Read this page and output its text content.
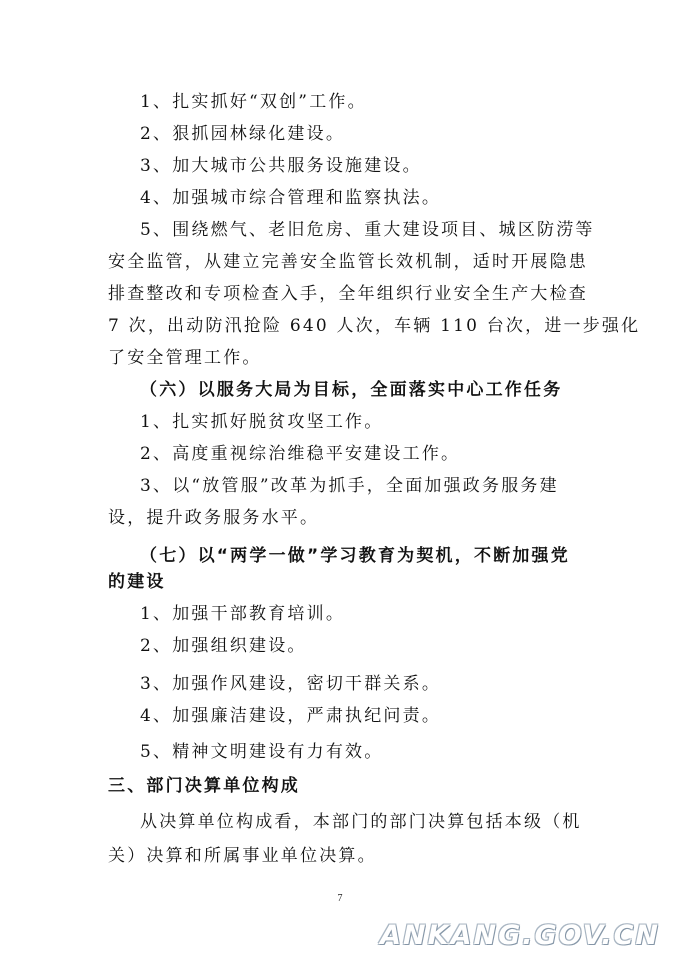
1、扎实抓好“双创”工作。
2、狠抓园林绿化建设。
3、加大城市公共服务设施建设。
4、加强城市综合管理和监察执法。
5、围绕燃气、老旧危房、重大建设项目、城区防涝等
安全监管，从建立完善安全监管长效机制，适时开展隐患
排查整改和专项检查入手，全年组织行业安全生产大检查
7 次，出动防汛抢险 640 人次，车辆 110 台次，进一步强化
了安全管理工作。
（六）以服务大局为目标，全面落实中心工作任务
1、扎实抓好脱贫攻坚工作。
2、高度重视综治维稳平安建设工作。
3、以“放管服”改革为抓手，全面加强政务服务建
设，提升政务服务水平。
（七）以“两学一做”学习教育为契机，不断加强党
的建设
1、加强干部教育培训。
2、加强组织建设。
3、加强作风建设，密切干群关系。
4、加强廉洁建设，严肃执纪问责。
5、精神文明建设有力有效。
三、部门决算单位构成
从决算单位构成看，本部门的部门决算包括本级（机
关）决算和所属事业单位决算。
7
ANKANG.GOV.CN
